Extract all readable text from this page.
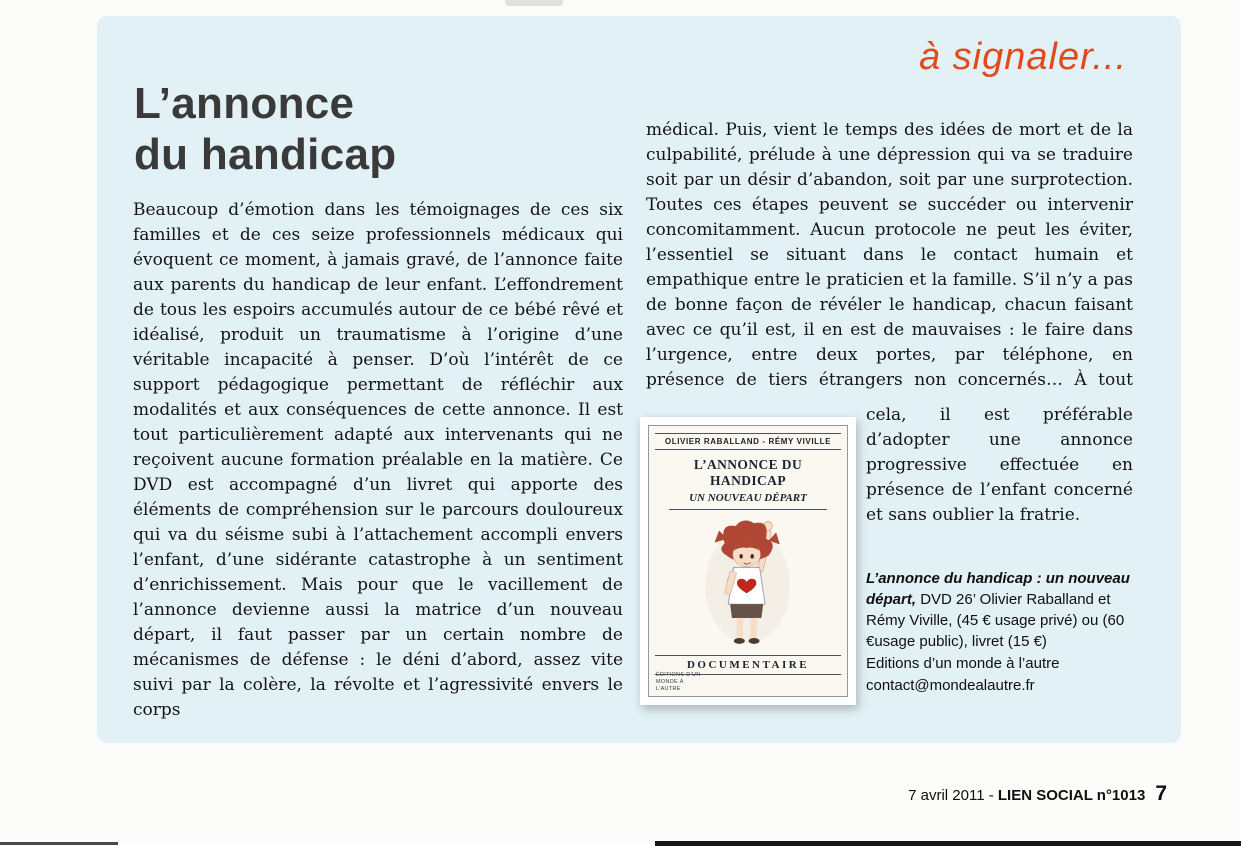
à signaler...
L’annonce
du handicap

Beaucoup d’émotion dans les témoignages de ces six familles et de ces seize professionnels médicaux qui évoquent ce moment, à jamais gravé, de l’annonce faite aux parents du handicap de leur enfant. L’effondrement de tous les espoirs accumulés autour de ce bébé rêvé et idéalisé, produit un traumatisme à l’origine d’une véritable incapacité à penser. D’où l’intérêt de ce support pédagogique permettant de réfléchir aux modalités et aux conséquences de cette annonce. Il est tout particulièrement adapté aux intervenants qui ne reçoivent aucune formation préalable en la matière. Ce DVD est accompagné d’un livret qui apporte des éléments de compréhension sur le parcours douloureux qui va du séisme subi à l’attachement accompli envers l’enfant, d’une sidérante catastrophe à un sentiment d’enrichissement. Mais pour que le vacillement de l’annonce devienne aussi la matrice d’un nouveau départ, il faut passer par un certain nombre de mécanismes de défense : le déni d’abord, assez vite suivi par la colère, la révolte et l’agressivité envers le corps

médical. Puis, vient le temps des idées de mort et de la culpabilité, prélude à une dépression qui va se traduire soit par un désir d’abandon, soit par une surprotection. Toutes ces étapes peuvent se succéder ou intervenir concomitamment. Aucun protocole ne peut les éviter, l’essentiel se situant dans le contact humain et empathique entre le praticien et la famille. S’il n’y a pas de bonne façon de révéler le handicap, chacun faisant avec ce qu’il est, il en est de mauvaises : le faire dans l’urgence, entre deux portes, par téléphone, en présence de tiers étrangers non concernés… À tout

OLIVIER RABALLAND - RÉMY VIVILLE
L’ANNONCE DU HANDICAP
UN NOUVEAU DÉPART
DOCUMENTAIRE
ÉDITIONS D’UN MONDE À L’AUTRE

cela, il est préférable d’adopter une annonce progressive effectuée en présence de l’enfant concerné et sans oublier la fratrie.

L’annonce du handicap : un nouveau départ, DVD 26’ Olivier Raballand et Rémy Viville, (45 € usage privé) ou (60 €usage public), livret (15 €)

Editions d’un monde à l’autre

contact@mondealautre.fr

7 avril 2011 - LIEN SOCIAL n°1013 7
